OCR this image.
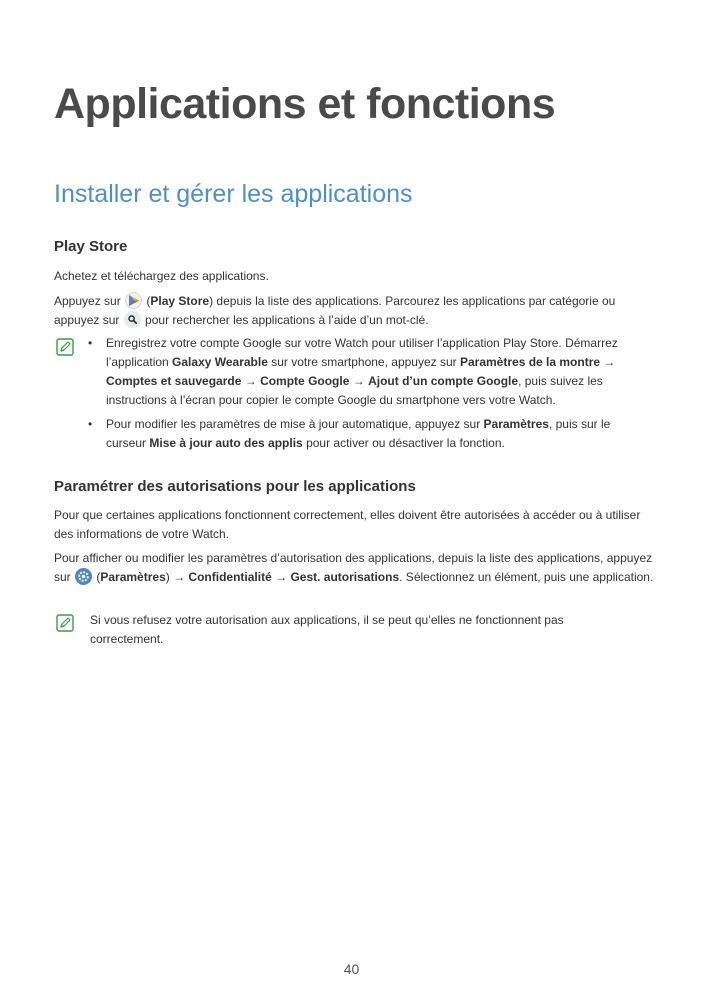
Applications et fonctions
Installer et gérer les applications
Play Store

Achetez et téléchargez des applications.

Appuyez sur
(Play Store) depuis la liste des applications. Parcourez les applications par catégorie ou appuyez sur
pour rechercher les applications à l’aide d’un mot-clé.

• Enregistrez votre compte Google sur votre Watch pour utiliser l’application Play Store. Démarrez l’application Galaxy Wearable sur votre smartphone, appuyez sur Paramètres de la montre → Comptes et sauvegarde → Compte Google → Ajout d’un compte Google, puis suivez les instructions à l’écran pour copier le compte Google du smartphone vers votre Watch.
• Pour modifier les paramètres de mise à jour automatique, appuyez sur Paramètres, puis sur le curseur Mise à jour auto des applis pour activer ou désactiver la fonction.
Paramétrer des autorisations pour les applications

Pour que certaines applications fonctionnent correctement, elles doivent être autorisées à accéder ou à utiliser des informations de votre Watch.

Pour afficher ou modifier les paramètres d’autorisation des applications, depuis la liste des applications, appuyez sur
(Paramètres) → Confidentialité → Gest. autorisations. Sélectionnez un élément, puis une application.

Si vous refusez votre autorisation aux applications, il se peut qu’elles ne fonctionnent pas correctement.

40
